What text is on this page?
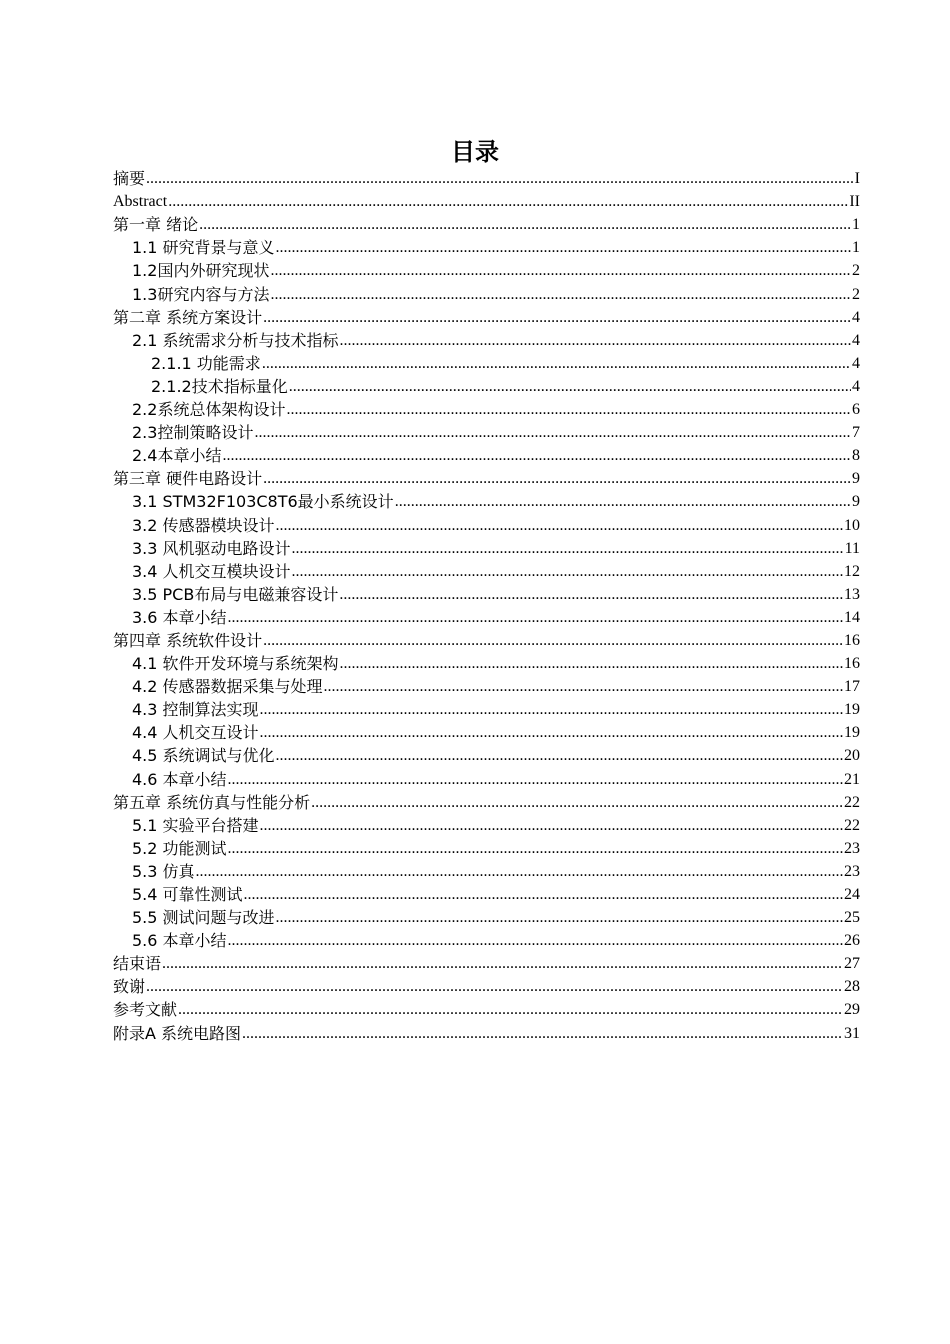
目录
摘要 .....	I
Abstract .....	II
第一章 绪论 .....	1
1.1 研究背景与意义 .....	1
1.2国内外研究现状 .....	2
1.3研究内容与方法 .....	2
第二章 系统方案设计 .....	4
2.1 系统需求分析与技术指标 .....	4
2.1.1 功能需求 .....	4
2.1.2技术指标量化 .....	4
2.2系统总体架构设计 .....	6
2.3控制策略设计 .....	7
2.4本章小结 .....	8
第三章 硬件电路设计 .....	9
3.1 STM32F103C8T6最小系统设计 .....	9
3.2 传感器模块设计 .....	10
3.3 风机驱动电路设计 .....	11
3.4 人机交互模块设计 .....	12
3.5 PCB布局与电磁兼容设计 .....	13
3.6 本章小结 .....	14
第四章 系统软件设计 .....	16
4.1 软件开发环境与系统架构 .....	16
4.2 传感器数据采集与处理 .....	17
4.3 控制算法实现 .....	19
4.4 人机交互设计 .....	19
4.5 系统调试与优化 .....	20
4.6 本章小结 .....	21
第五章 系统仿真与性能分析 .....	22
5.1 实验平台搭建 .....	22
5.2 功能测试 .....	23
5.3 仿真 .....	23
5.4 可靠性测试 .....	24
5.5 测试问题与改进 .....	25
5.6 本章小结 .....	26
结束语 .....	27
致谢 .....	28
参考文献 .....	29
附录A 系统电路图 .....	31
